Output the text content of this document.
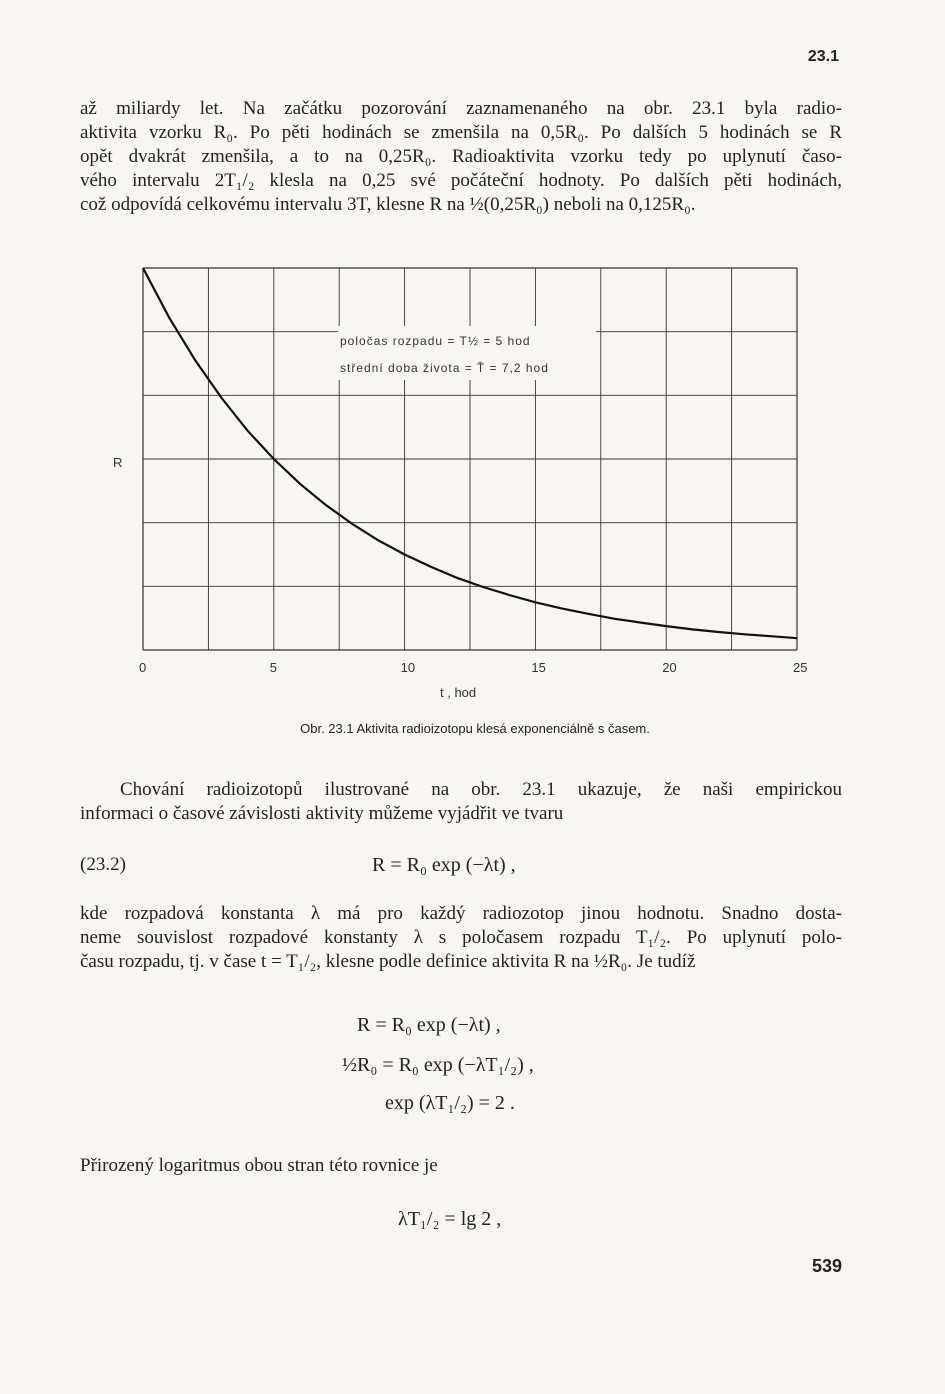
23.1
až miliardy let. Na začátku pozorování zaznamenaného na obr. 23.1 byla radio-
aktivita vzorku R₀. Po pěti hodinách se zmenšila na 0,5R₀. Po dalších 5 hodinách se R
opět dvakrát zmenšila, a to na 0,25R₀. Radioaktivita vzorku tedy po uplynutí časo-
vého intervalu 2T₁/₂ klesla na 0,25 své počáteční hodnoty. Po dalších pěti hodinách,
což odpovídá celkovému intervalu 3T, klesne R na ½(0,25R₀) neboli na 0,125R₀.
0	5	10	15	20	25
R
t , hod
poločas rozpadu = T½ = 5 hod
střední doba života = T̄ = 7,2 hod
Obr. 23.1 Aktivita radioizotopu klesá exponenciálně s časem.
Chování radioizotopů ilustrované na obr. 23.1 ukazuje, že naši empirickou
informaci o časové závislosti aktivity můžeme vyjádřit ve tvaru
(23.2)	R = R₀ exp (−λt) ,
kde rozpadová konstanta λ má pro každý radiozotop jinou hodnotu. Snadno dosta-
neme souvislost rozpadové konstanty λ s poločasem rozpadu T₁/₂. Po uplynutí polo-
času rozpadu, tj. v čase t = T₁/₂, klesne podle definice aktivita R na ½R₀. Je tudíž
R = R₀ exp (−λt) ,
½R₀ = R₀ exp (−λT₁/₂) ,
exp (λT₁/₂) = 2 .
Přirozený logaritmus obou stran této rovnice je
λT₁/₂ = lg 2 ,
539
